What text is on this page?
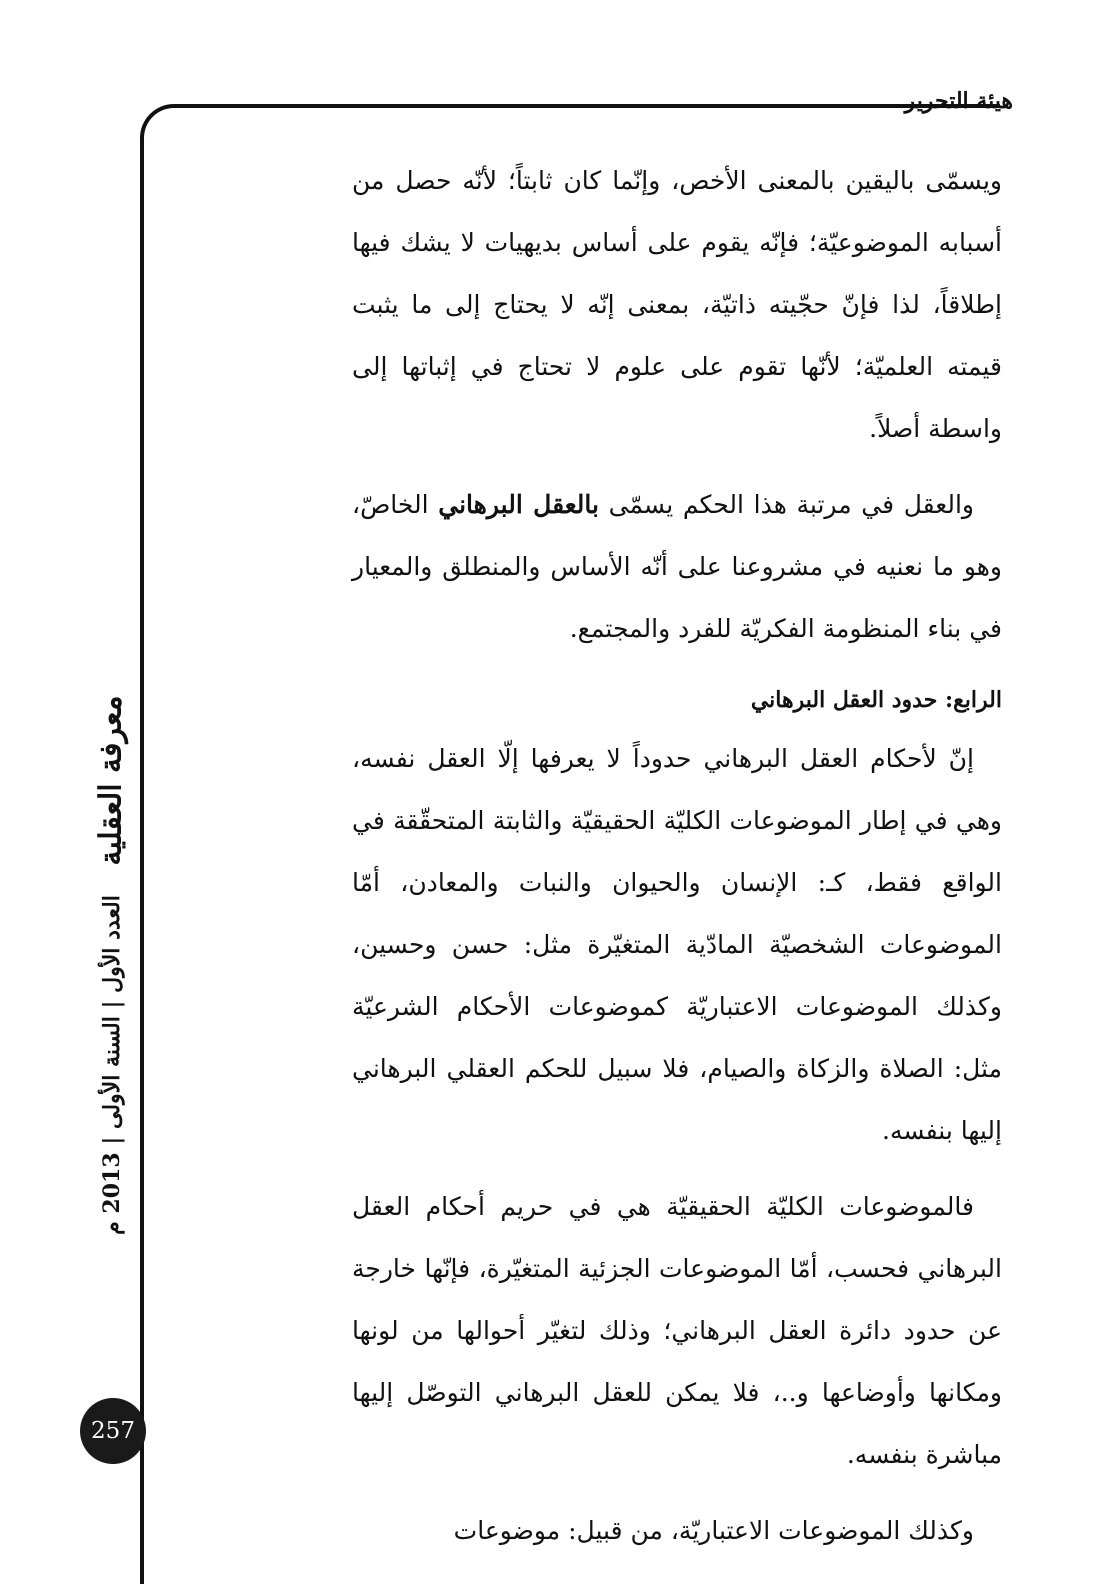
هيئة التحرير

ويسمّى باليقين بالمعنى الأخص، وإنّما كان ثابتاً؛ لأنّه حصل من أسبابه الموضوعيّة؛ فإنّه يقوم على أساس بديهيات لا يشك فيها إطلاقاً، لذا فإنّ حجّيته ذاتيّة، بمعنى إنّه لا يحتاج إلى ما يثبت قيمته العلميّة؛ لأنّها تقوم على علوم لا تحتاج في إثباتها إلى واسطة أصلاً.

والعقل في مرتبة هذا الحكم يسمّى بالعقل البرهاني الخاصّ، وهو ما نعنيه في مشروعنا على أنّه الأساس والمنطلق والمعيار في بناء المنظومة الفكريّة للفرد والمجتمع.

الرابع: حدود العقل البرهاني

إنّ لأحكام العقل البرهاني حدوداً لا يعرفها إلّا العقل نفسه، وهي في إطار الموضوعات الكليّة الحقيقيّة والثابتة المتحقّقة في الواقع فقط، كـ: الإنسان والحيوان والنبات والمعادن، أمّا الموضوعات الشخصيّة المادّية المتغيّرة مثل: حسن وحسين، وكذلك الموضوعات الاعتباريّة كموضوعات الأحكام الشرعيّة مثل: الصلاة والزكاة والصيام، فلا سبيل للحكم العقلي البرهاني إليها بنفسه.

فالموضوعات الكليّة الحقيقيّة هي في حريم أحكام العقل البرهاني فحسب، أمّا الموضوعات الجزئية المتغيّرة، فإنّها خارجة عن حدود دائرة العقل البرهاني؛ وذلك لتغيّر أحوالها من لونها ومكانها وأوضاعها و..، فلا يمكن للعقل البرهاني التوصّل إليها مباشرة بنفسه.

وكذلك الموضوعات الاعتباريّة، من قبيل: موضوعات

معرفة العقلية
العدد الأول | السنة الأولى | 2013 م
257
